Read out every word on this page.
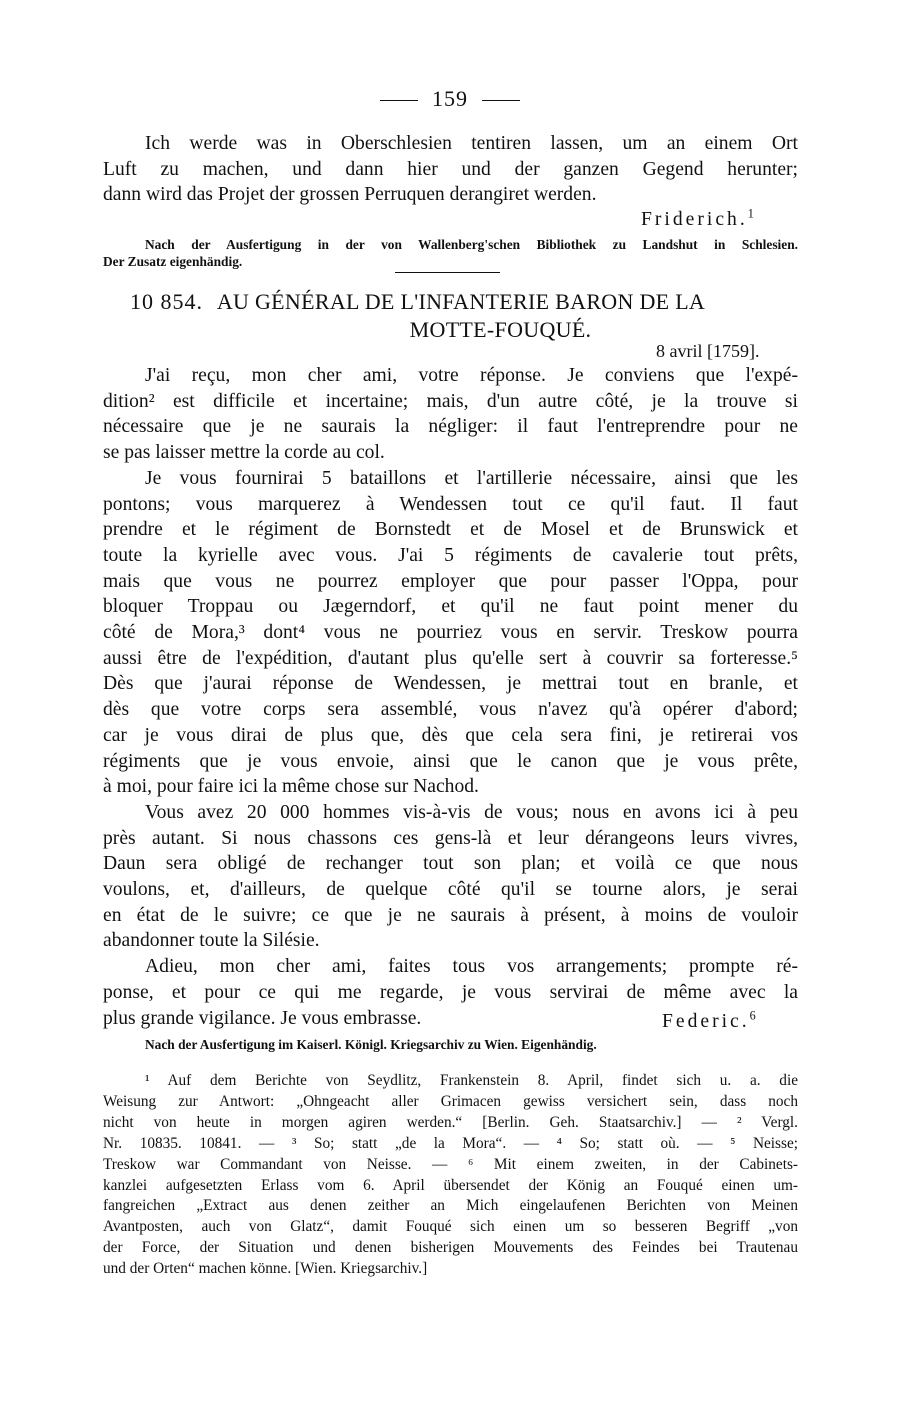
159

Ich werde was in Oberschlesien tentiren lassen, um an einem Ort
Luft zu machen, und dann hier und der ganzen Gegend herunter;
dann wird das Projet der grossen Perruquen derangiret werden.

Friderich.$^1$
Nach der Ausfertigung in der von Wallenberg'schen Bibliothek zu Landshut in Schlesien.
Der Zusatz eigenhändig.
10 854. AU GÉNÉRAL DE L'INFANTERIE BARON DE LA
MOTTE-FOUQUÉ.
8 avril [1759].

J'ai reçu, mon cher ami, votre réponse. Je conviens que l'expé-
dition² est difficile et incertaine; mais, d'un autre côté, je la trouve si
nécessaire que je ne saurais la négliger: il faut l'entreprendre pour ne
se pas laisser mettre la corde au col.

Je vous fournirai 5 bataillons et l'artillerie nécessaire, ainsi que les
pontons; vous marquerez à Wendessen tout ce qu'il faut. Il faut
prendre et le régiment de Bornstedt et de Mosel et de Brunswick et
toute la kyrielle avec vous. J'ai 5 régiments de cavalerie tout prêts,
mais que vous ne pourrez employer que pour passer l'Oppa, pour
bloquer Troppau ou Jægerndorf, et qu'il ne faut point mener du
côté de Mora,³ dont⁴ vous ne pourriez vous en servir. Treskow pourra
aussi être de l'expédition, d'autant plus qu'elle sert à couvrir sa forteresse.⁵
Dès que j'aurai réponse de Wendessen, je mettrai tout en branle, et
dès que votre corps sera assemblé, vous n'avez qu'à opérer d'abord;
car je vous dirai de plus que, dès que cela sera fini, je retirerai vos
régiments que je vous envoie, ainsi que le canon que je vous prête,
à moi, pour faire ici la même chose sur Nachod.

Vous avez 20 000 hommes vis-à-vis de vous; nous en avons ici à peu
près autant. Si nous chassons ces gens-là et leur dérangeons leurs vivres,
Daun sera obligé de rechanger tout son plan; et voilà ce que nous
voulons, et, d'ailleurs, de quelque côté qu'il se tourne alors, je serai
en état de le suivre; ce que je ne saurais à présent, à moins de vouloir
abandonner toute la Silésie.

Adieu, mon cher ami, faites tous vos arrangements; prompte ré-
ponse, et pour ce qui me regarde, je vous servirai de même avec la
plus grande vigilance. Je vous embrasse.	Federic.$^6$
Nach der Ausfertigung im Kaiserl. Königl. Kriegsarchiv zu Wien. Eigenhändig.
¹ Auf dem Berichte von Seydlitz, Frankenstein 8. April, findet sich u. a. die
Weisung zur Antwort: „Ohngeacht aller Grimacen gewiss versichert sein, dass noch
nicht von heute in morgen agiren werden.“ [Berlin. Geh. Staatsarchiv.] — ² Vergl.
Nr. 10835. 10841. — ³ So; statt „de la Mora“. — ⁴ So; statt où. — ⁵ Neisse;
Treskow war Commandant von Neisse. — ⁶ Mit einem zweiten, in der Cabinets-
kanzlei aufgesetzten Erlass vom 6. April übersendet der König an Fouqué einen um-
fangreichen „Extract aus denen zeither an Mich eingelaufenen Berichten von Meinen
Avantposten, auch von Glatz“, damit Fouqué sich einen um so besseren Begriff „von
der Force, der Situation und denen bisherigen Mouvements des Feindes bei Trautenau
und der Orten“ machen könne. [Wien. Kriegsarchiv.]
